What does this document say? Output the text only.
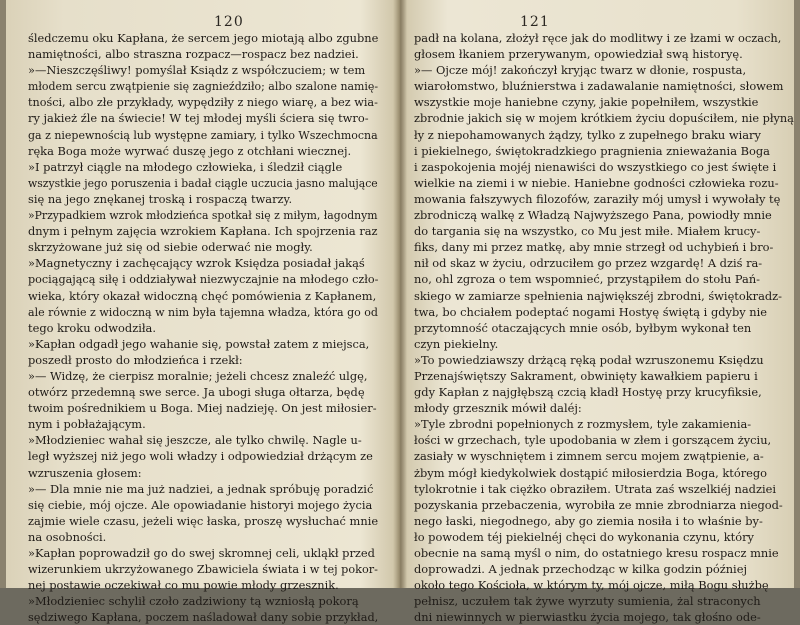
120
śledczemu oku Kapłana, że sercem jego miotają albo zgubne
namiętności, albo straszna rozpacz—rospacz bez nadziei.
»—Nieszczęśliwy! pomyślał Ksiądz z współczuciem; w tem
młodem sercu zwątpienie się zagnieździło; albo szalone namię-
tności, albo złe przykłady, wypędziły z niego wiarę, a bez wia-
ry jakież źle na świecie! W tej młodej myśli ściera się twro-
ga z niepewnością lub występne zamiary, i tylko Wszechmocna
ręka Boga może wyrwać duszę jego z otchłani wiecznej.
»I patrzył ciągle na młodego człowieka, i śledził ciągle
wszystkie jego poruszenia i badał ciągle uczucia jasno malujące
się na jego znękanej troską i rospaczą twarzy.
»Przypadkiem wzrok młodzieńca spotkał się z miłym, łagodnym
dnym i pełnym zajęcia wzrokiem Kapłana. Ich spojrzenia raz
skrzyżowane już się od siebie oderwać nie mogły.
»Magnetyczny i zachęcający wzrok Księdza posiadał jakąś
pociągającą siłę i oddziaływał niezwyczajnie na młodego czło-
wieka, który okazał widoczną chęć pomówienia z Kapłanem,
ale równie z widoczną w nim była tajemna władza, która go od
tego kroku odwodziła.
»Kapłan odgadł jego wahanie się, powstał zatem z miejsca,
poszedł prosto do młodzieńca i rzekł:
»— Widzę, że cierpisz moralnie; jeżeli chcesz znaleźć ulgę,
otwórz przedemną swe serce. Ja ubogi sługa ołtarza, będę
twoim pośrednikiem u Boga. Miej nadzieję. On jest miłosier-
nym i pobłażającym.
»Młodzieniec wahał się jeszcze, ale tylko chwilę. Nagle u-
legł wyższej niż jego woli władzy i odpowiedział drżącym ze
wzruszenia głosem:
»— Dla mnie nie ma już nadziei, a jednak spróbuję poradzić
się ciebie, mój ojcze. Ale opowiadanie historyi mojego życia
zajmie wiele czasu, jeżeli więc łaska, proszę wysłuchać mnie
na osobności.
»Kapłan poprowadził go do swej skromnej celi, ukląkł przed
wizerunkiem ukrzyżowanego Zbawiciela świata i w tej pokor-
nej postawie oczekiwał co mu powie młody grzesznik.
»Młodzieniec schylił czoło zadziwiony tą wzniosłą pokorą
sędziwego Kapłana, poczem naśladował dany sobie przykład,
121
padł na kolana, złożył ręce jak do modlitwy i ze łzami w oczach,
głosem łkaniem przerywanym, opowiedział swą historyę.
»— Ojcze mój! zakończył kryjąc twarz w dłonie, rospusta,
wiarołomstwo, bluźnierstwa i zadawalanie namiętności, słowem
wszystkie moje haniebne czyny, jakie popełniłem, wszystkie
zbrodnie jakich się w mojem krótkiem życiu dopuściłem, nie płyną
ły z niepohamowanych żądzy, tylko z zupełnego braku wiary
i piekielnego, świętokradzkiego pragnienia znieważania Boga
i zaspokojenia mojéj nienawiści do wszystkiego co jest święte i
wielkie na ziemi i w niebie. Haniebne godności człowieka rozu-
mowania fałszywych filozofów, zaraziły mój umysł i wywołały tę
zbrodniczą walkę z Władzą Najwyższego Pana, powiodły mnie
do targania się na wszystko, co Mu jest miłe. Miałem krucy-
fiks, dany mi przez matkę, aby mnie strzegł od uchybień i bro-
nił od skaz w życiu, odrzuciłem go przez wzgardę! A dziś ra-
no, ohl zgroza o tem wspomnieć, przystąpiłem do stołu Pań-
skiego w zamiarze spełnienia największéj zbrodni, świętokradz-
twa, bo chciałem podeptać nogami Hostyę świętą i gdyby nie
przytomność otaczających mnie osób, byłbym wykonał ten
czyn piekielny.
»To powiedziawszy drżącą ręką podał wzruszonemu Księdzu
Przenajświętszy Sakrament, obwinięty kawałkiem papieru i
gdy Kapłan z najgłębszą czcią kładł Hostyę przy krucyfiksie,
młody grzesznik mówił daléj:
»Tyle zbrodni popełnionych z rozmysłem, tyle zakamienia-
łości w grzechach, tyle upodobania w złem i gorszącem życiu,
zasiały w wyschniętem i zimnem sercu mojem zwątpienie, a-
żbym mógł kiedykolwiek dostąpić miłosierdzia Boga, którego
tylokrotnie i tak ciężko obraziłem. Utrata zaś wszelkiéj nadziei
pozyskania przebaczenia, wyrobiła ze mnie zbrodniarza niegod-
nego łaski, niegodnego, aby go ziemia nosiła i to właśnie by-
ło powodem téj piekielnéj chęci do wykonania czynu, który
obecnie na samą myśl o nim, do ostatniego kresu rospacz mnie
doprowadzi. A jednak przechodząc w kilka godzin później
około tego Kościoła, w którym ty, mój ojcze, miłą Bogu służbę
pełnisz, uczułem tak żywe wyrzuty sumienia, żal straconych
dni niewinnych w pierwiastku życia mojego, tak głośno ode-
